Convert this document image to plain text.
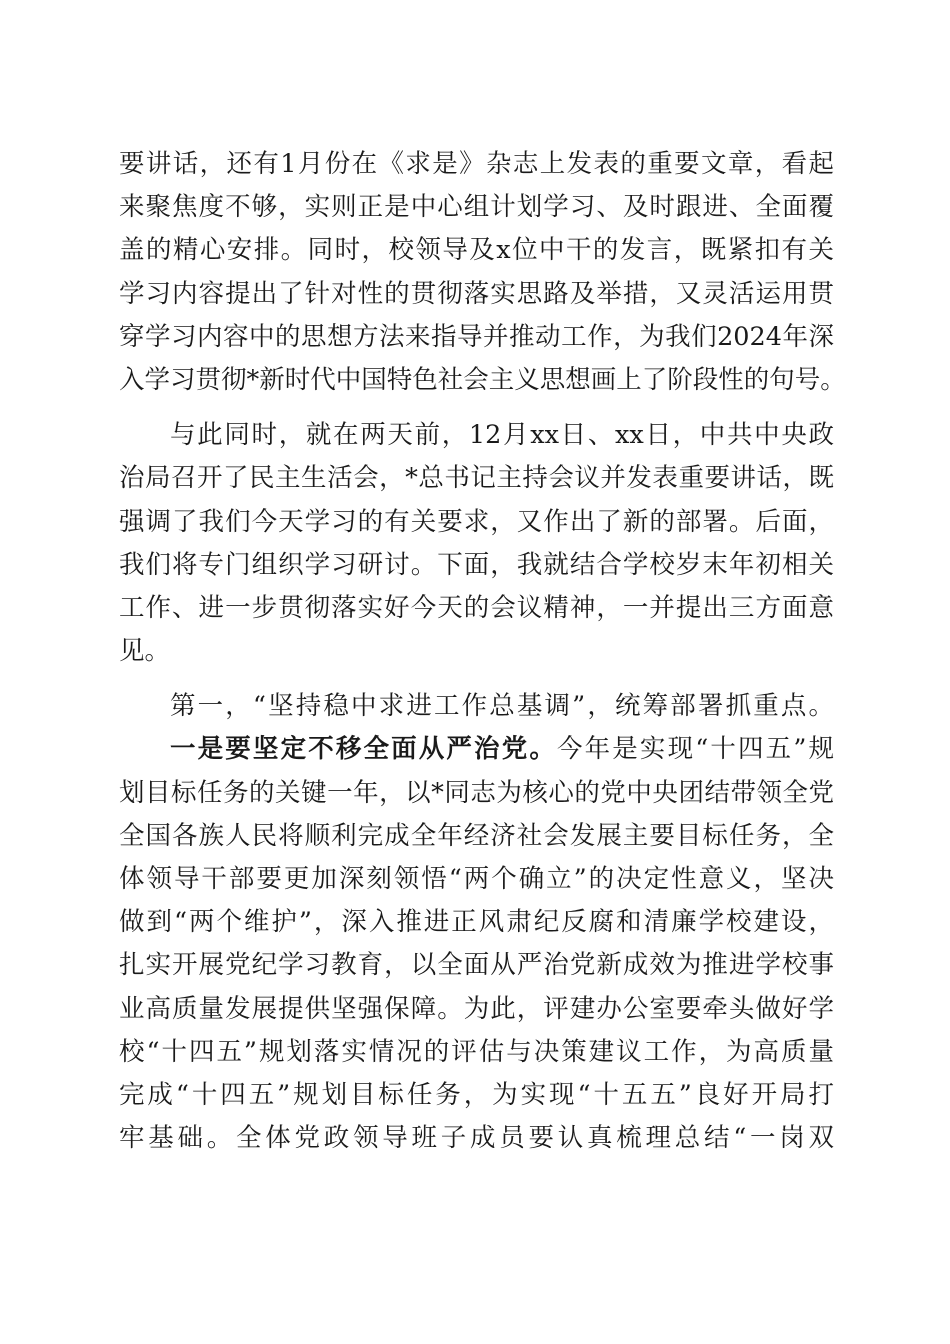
要讲话，还有1月份在《求是》杂志上发表的重要文章，看起
来聚焦度不够，实则正是中心组计划学习、及时跟进、全面覆
盖的精心安排。同时，校领导及x位中干的发言，既紧扣有关
学习内容提出了针对性的贯彻落实思路及举措，又灵活运用贯
穿学习内容中的思想方法来指导并推动工作，为我们2024年深
入学习贯彻*新时代中国特色社会主义思想画上了阶段性的句号。
与此同时，就在两天前，12月xx日、xx日，中共中央政
治局召开了民主生活会，*总书记主持会议并发表重要讲话，既
强调了我们今天学习的有关要求，又作出了新的部署。后面，
我们将专门组织学习研讨。下面，我就结合学校岁末年初相关
工作、进一步贯彻落实好今天的会议精神，一并提出三方面意
见。
第一，“坚持稳中求进工作总基调”，统筹部署抓重点。
一是要坚定不移全面从严治党。今年是实现“十四五”规
划目标任务的关键一年，以*同志为核心的党中央团结带领全党
全国各族人民将顺利完成全年经济社会发展主要目标任务，全
体领导干部要更加深刻领悟“两个确立”的决定性意义，坚决
做到“两个维护”，深入推进正风肃纪反腐和清廉学校建设，
扎实开展党纪学习教育，以全面从严治党新成效为推进学校事
业高质量发展提供坚强保障。为此，评建办公室要牵头做好学
校“十四五”规划落实情况的评估与决策建议工作，为高质量
完成“十四五”规划目标任务，为实现“十五五”良好开局打
牢基础。全体党政领导班子成员要认真梳理总结“一岗双
